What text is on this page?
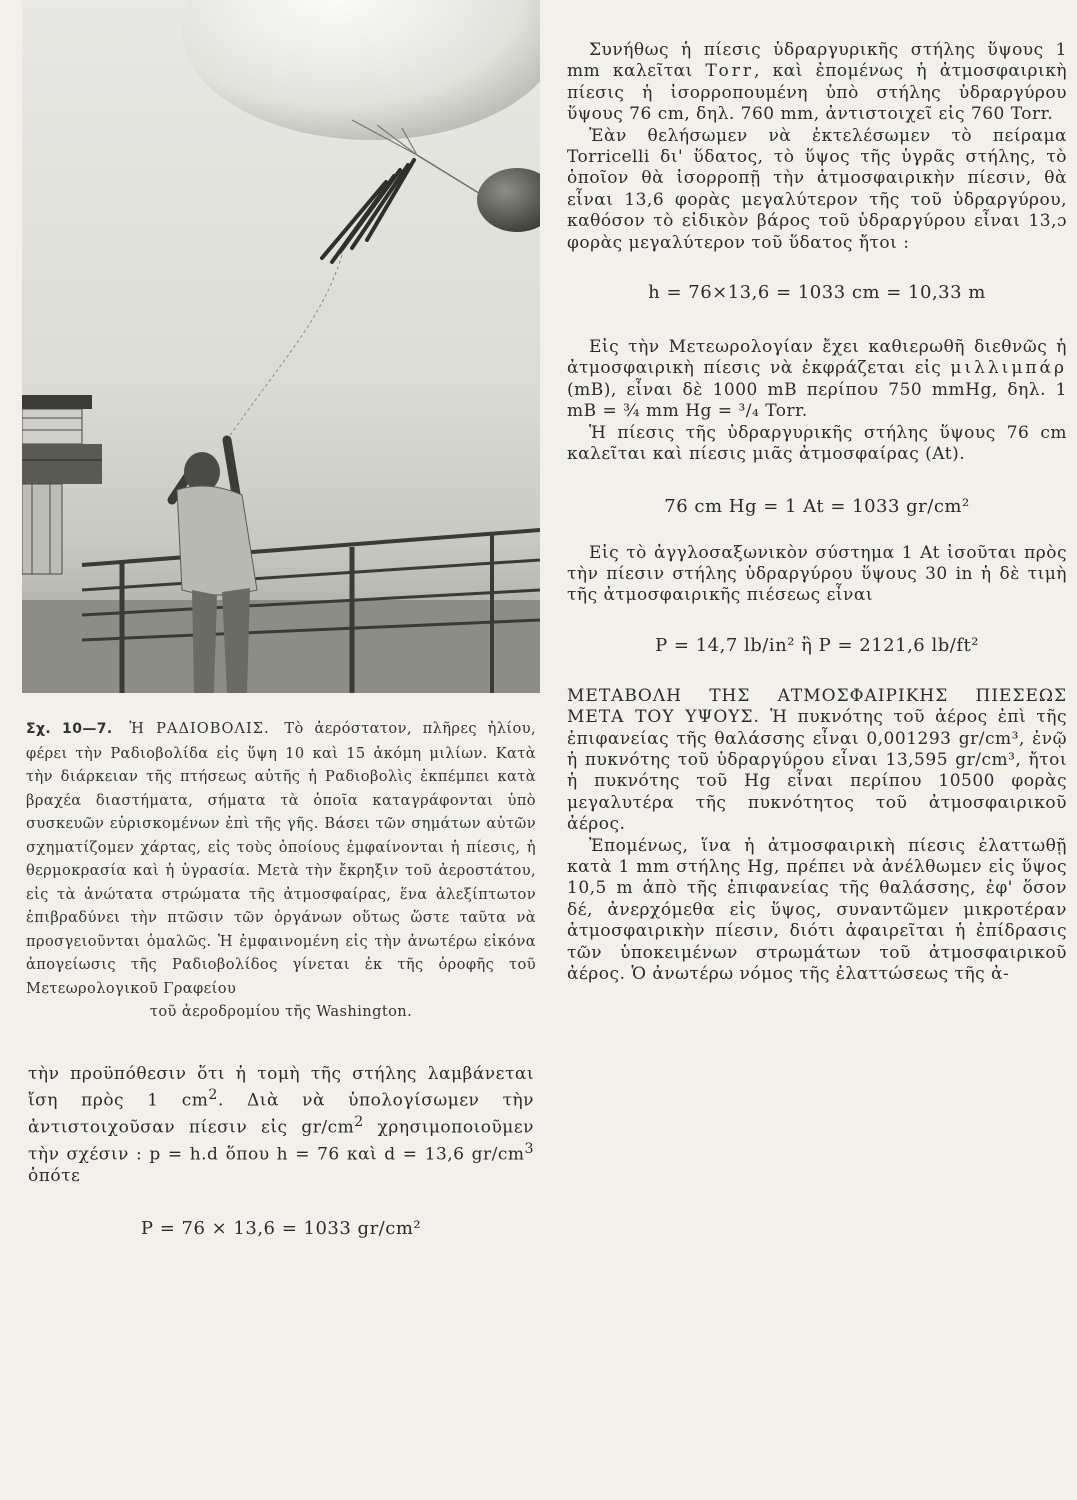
Σχ. 10—7. Ἡ ΡΑΔΙΟΒΟΛΙΣ. Τὸ ἀερόστατον, πλῆρες ἡλίου, φέρει τὴν Ραδιοβολίδα εἰς ὕψη 10 καὶ 15 ἀκόμη μιλίων. Κατὰ τὴν διάρκειαν τῆς πτήσεως αὐτῆς ἡ Ραδιοβολὶς ἐκπέμπει κατὰ βραχέα διαστήματα, σήματα τὰ ὁποῖα καταγράφονται ὑπὸ συσκευῶν εὑρισκομένων ἐπὶ τῆς γῆς. Βάσει τῶν σημάτων αὐτῶν σχηματίζομεν χάρτας, εἰς τοὺς ὁποίους ἐμφαίνονται ἡ πίεσις, ἡ θερμοκρασία καὶ ἡ ὑγρασία. Μετὰ τὴν ἔκρηξιν τοῦ ἀεροστάτου, εἰς τὰ ἀνώτατα στρώματα τῆς ἀτμοσφαίρας, ἕνα ἀλεξίπτωτον ἐπιβραδύνει τὴν πτῶσιν τῶν ὀργάνων οὕτως ὥστε ταῦτα νὰ προσγειοῦνται ὁμαλῶς. Ἡ ἐμφαινομένη εἰς τὴν ἀνωτέρω εἰκόνα ἀπογείωσις τῆς Ραδιοβολίδος γίνεται ἐκ τῆς ὀροφῆς τοῦ Μετεωρολογικοῦ Γραφείου
τοῦ ἀεροδρομίου τῆς Washington.

τὴν προϋπόθεσιν ὅτι ἡ τομὴ τῆς στήλης λαμβάνεται ἴση πρὸς 1 $cm^2$. Διὰ νὰ ὑπολογίσωμεν τὴν ἀντιστοιχοῦσαν πίεσιν εἰς $gr/cm^2$ χρησιμοποιοῦμεν τὴν σχέσιν : p = h.d ὅπου h = 76 καὶ d = 13,6 $gr/cm^3$ ὁπότε

P = 76 × 13,6 = 1033 gr/cm²

Συνήθως ἡ πίεσις ὑδραργυρικῆς στήλης ὕψους 1 mm καλεῖται Torr, καὶ ἐπομένως ἡ ἀτμοσφαιρικὴ πίεσις ἡ ἰσορροπουμένη ὑπὸ στήλης ὑδραργύρου ὕψους 76 cm, δηλ. 760 mm, ἀντιστοιχεῖ εἰς 760 Torr.

Ἐὰν θελήσωμεν νὰ ἐκτελέσωμεν τὸ πείραμα Torricelli δι' ὕδατος, τὸ ὕψος τῆς ὑγρᾶς στήλης, τὸ ὁποῖον θὰ ἰσορροπῇ τὴν ἀτμοσφαιρικὴν πίεσιν, θὰ εἶναι 13,6 φορὰς μεγαλύτερον τῆς τοῦ ὑδραργύρου, καθόσον τὸ εἰδικὸν βάρος τοῦ ὑδραργύρου εἶναι 13,ɔ φορὰς μεγαλύτερον τοῦ ὕδατος ἤτοι :

h = 76×13,6 = 1033 cm = 10,33 m

Εἰς τὴν Μετεωρολογίαν ἔχει καθιερωθῆ διεθνῶς ἡ ἀτμοσφαιρικὴ πίεσις νὰ ἐκφράζεται εἰς μιλλιμπάρ (mB), εἶναι δὲ 1000 mB περίπου 750 mmHg, δηλ. 1 mB = ¾ mm Hg = ³/₄ Torr.

Ἡ πίεσις τῆς ὑδραργυρικῆς στήλης ὕψους 76 cm καλεῖται καὶ πίεσις μιᾶς ἀτμοσφαίρας (At).

76 cm Hg = 1 At = 1033 gr/cm²

Εἰς τὸ ἀγγλοσαξωνικὸν σύστημα 1 At ἰσοῦται πρὸς τὴν πίεσιν στήλης ὑδραργύρου ὕψους 30 in ἡ δὲ τιμὴ τῆς ἀτμοσφαιρικῆς πιέσεως εἶναι

P = 14,7 lb/in² ἢ P = 2121,6 lb/ft²

ΜΕΤΑΒΟΛΗ ΤΗΣ ΑΤΜΟΣΦΑΙΡΙΚΗΣ ΠΙΕΣΕΩΣ ΜΕΤΑ ΤΟΥ ΥΨΟΥΣ. Ἡ πυκνότης τοῦ ἀέρος ἐπὶ τῆς ἐπιφανείας τῆς θαλάσσης εἶναι 0,001293 gr/cm³, ἐνῷ ἡ πυκνότης τοῦ ὑδραργύρου εἶναι 13,595 gr/cm³, ἤτοι ἡ πυκνότης τοῦ Hg εἶναι περίπου 10500 φορὰς μεγαλυτέρα τῆς πυκνότητος τοῦ ἀτμοσφαιρικοῦ ἀέρος.

Ἐπομένως, ἵνα ἡ ἀτμοσφαιρικὴ πίεσις ἐλαττωθῇ κατὰ 1 mm στήλης Hg, πρέπει νὰ ἀνέλθωμεν εἰς ὕψος 10,5 m ἀπὸ τῆς ἐπιφανείας τῆς θαλάσσης, ἐφ' ὅσον δέ, ἀνερχόμεθα εἰς ὕψος, συναντῶμεν μικροτέραν ἀτμοσφαιρικὴν πίεσιν, διότι ἀφαιρεῖται ἡ ἐπίδρασις τῶν ὑποκειμένων στρωμάτων τοῦ ἀτμοσφαιρικοῦ ἀέρος. Ὁ ἀνωτέρω νόμος τῆς ἐλαττώσεως τῆς ἀ-
